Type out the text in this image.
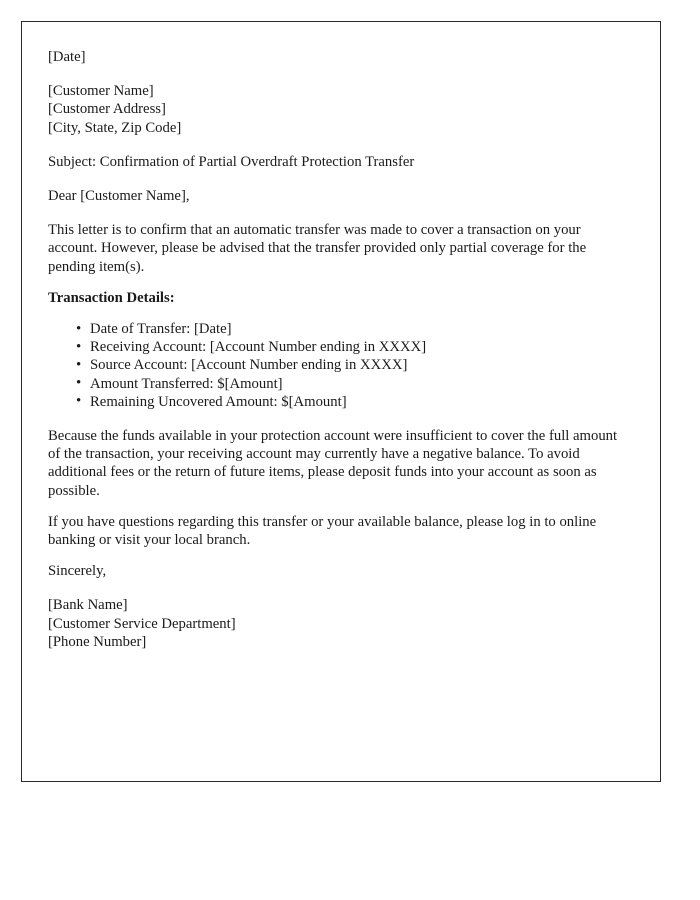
[Date]
[Customer Name]
[Customer Address]
[City, State, Zip Code]
Subject: Confirmation of Partial Overdraft Protection Transfer
Dear [Customer Name],

This letter is to confirm that an automatic transfer was made to cover a transaction on your account. However, please be advised that the transfer provided only partial coverage for the pending item(s).

Transaction Details:

• Date of Transfer: [Date]
• Receiving Account: [Account Number ending in XXXX]
• Source Account: [Account Number ending in XXXX]
• Amount Transferred: $[Amount]
• Remaining Uncovered Amount: $[Amount]

Because the funds available in your protection account were insufficient to cover the full amount of the transaction, your receiving account may currently have a negative balance. To avoid additional fees or the return of future items, please deposit funds into your account as soon as possible.

If you have questions regarding this transfer or your available balance, please log in to online banking or visit your local branch.

Sincerely,
[Bank Name]
[Customer Service Department]
[Phone Number]
